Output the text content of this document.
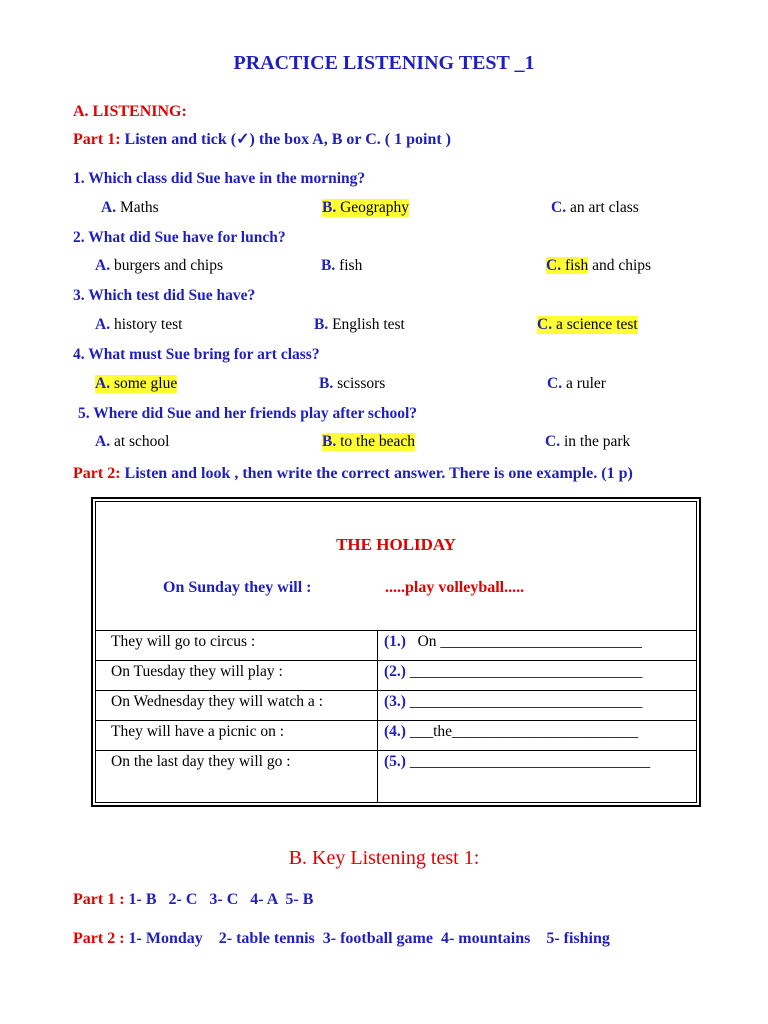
PRACTICE LISTENING TEST _1
A. LISTENING:
Part 1: Listen and tick (✓) the box A, B or C. ( 1 point )
1. Which class did Sue have in the morning?
A. Maths	B. Geography	C. an art class
2. What did Sue have for lunch?
A. burgers and chips	B. fish	C. fish and chips
3. Which test did Sue have?
A. history test	B. English test	C. a science test
4. What must Sue bring for art class?
A. some glue	B. scissors	C. a ruler
5. Where did Sue and her friends play after school?
A. at school	B. to the beach	C. in the park
Part 2: Listen and look , then write the correct answer. There is one example. (1 p)
THE HOLIDAY
On Sunday they will :	.....play volleyball.....
They will go to circus :	(1.)   On __________________________
On Tuesday they will play :	(2.) ______________________________
On Wednesday they will watch a :	(3.) ______________________________
They will have a picnic on :	(4.) ___the________________________
On the last day they will go :	(5.) _______________________________
B. Key Listening test 1:
Part 1 : 1- B   2- C   3- C   4- A  5- B
Part 2 : 1- Monday    2- table tennis  3- football game  4- mountains    5- fishing
